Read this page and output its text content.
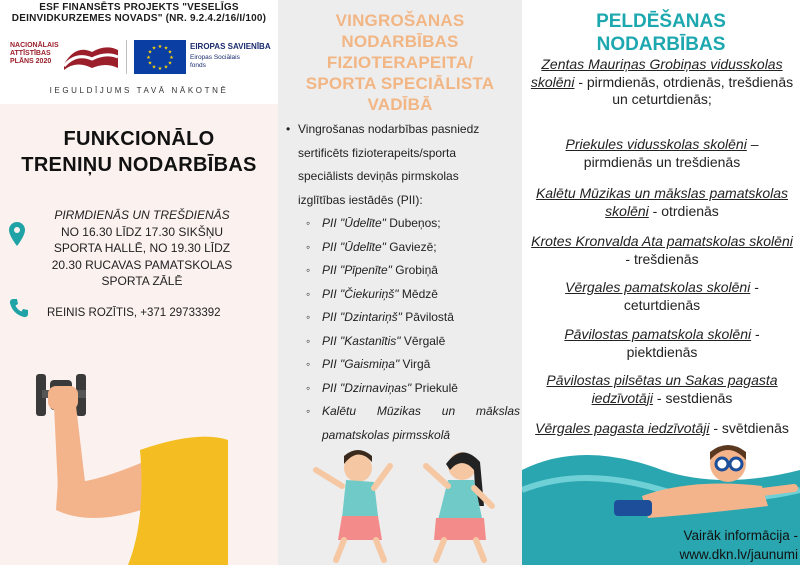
ESF FINANSĒTS PROJEKTS "VESELĪGS
DEINVIDKURZEMES NOVADS" (NR. 9.2.4.2/16/I/100)
NACIONĀLAIS
ATTĪSTĪBAS
PLĀNS 2020
★ ★
★
★
★
★
★
★
★
★
★
★	EIROPAS SAVIENĪBA
Eiropas Sociālais
fonds
IEGULDĪJUMS TAVĀ NĀKOTNĒ
FUNKCIONĀLO
TRENIŅU NODARBĪBAS
PIRMDIENĀS UN TREŠDIENĀS
NO 16.30 LĪDZ 17.30 SIKŠŅU
SPORTA HALLĒ, NO 19.30 LĪDZ
20.30 RUCAVAS PAMATSKOLAS
SPORTA ZĀLĒ
REINIS ROZĪTIS, +371 29733392
VINGROŠANAS
NODARBĪBAS
FIZIOTERAPEITA/
SPORTA SPECIĀLISTA
VADĪBĀ
• Vingrošanas nodarbības pasniedz
sertificēts fizioterapeits/sporta
speciālists deviņās pirmskolas
izglītības iestādēs (PII):
◦ PII "Ūdelīte" Dubeņos;
◦ PII "Ūdelīte" Gaviezē;
◦ PII "Pīpenīte" Grobiņā
◦ PII "Čiekuriņš" Mēdzē
◦ PII "Dzintariņš" Pāvilostā
◦ PII "Kastanītis" Vērgalē
◦ PII "Gaismiņa" Virgā
◦ PII "Dzirnaviņas" Priekulē
◦ Kalētu Mūzikas un mākslas pamatskolas pirmsskolā
PELDĒŠANAS
NODARBĪBAS
Zentas Mauriņas Grobiņas vidusskolas skolēni - pirmdienās, otrdienās, trešdienās un ceturtdienās;
Priekules vidusskolas skolēni – pirmdienās un trešdienās
Kalētu Mūzikas un mākslas pamatskolas skolēni - otrdienās
Krotes Kronvalda Ata pamatskolas skolēni - trešdienās
Vērgales pamatskolas skolēni - ceturtdienās
Pāvilostas pamatskola skolēni - piektdienās
Pāvilostas pilsētas un Sakas pagasta iedzīvotāji - sestdienās
Vērgales pagasta iedzīvotāji - svētdienās
Vairāk informācija -
www.dkn.lv/jaunumi
